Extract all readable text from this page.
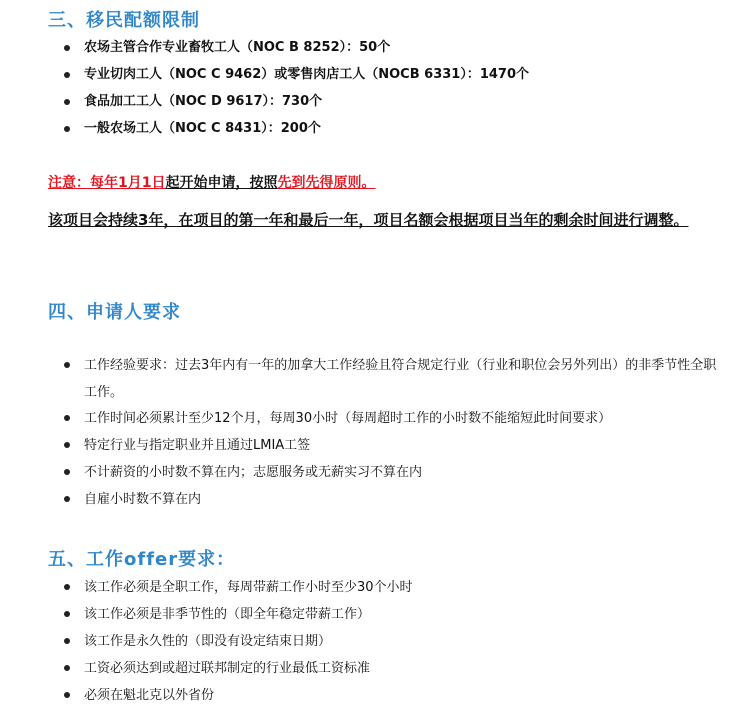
三、移民配额限制
农场主管合作专业畜牧工人（NOC B 8252）：50个
专业切肉工人（NOC C 9462）或零售肉店工人（NOCB 6331）：1470个
食品加工工人（NOC D 9617）：730个
一般农场工人（NOC C 8431）：200个

注意：每年1月1日起开始申请，按照先到先得原则。

该项目会持续3年，在项目的第一年和最后一年，项目名额会根据项目当年的剩余时间进行调整。

四、申请人要求
工作经验要求：过去3年内有一年的加拿大工作经验且符合规定行业（行业和职位会另外列出）的非季节性全职工作。
工作时间必须累计至少12个月，每周30小时（每周超时工作的小时数不能缩短此时间要求）
特定行业与指定职业并且通过LMIA工签
不计薪资的小时数不算在内；志愿服务或无薪实习不算在内
自雇小时数不算在内
五、工作offer要求：
该工作必须是全职工作，每周带薪工作小时至少30个小时
该工作必须是非季节性的（即全年稳定带薪工作）
该工作是永久性的（即没有设定结束日期）
工资必须达到或超过联邦制定的行业最低工资标准
必须在魁北克以外省份
